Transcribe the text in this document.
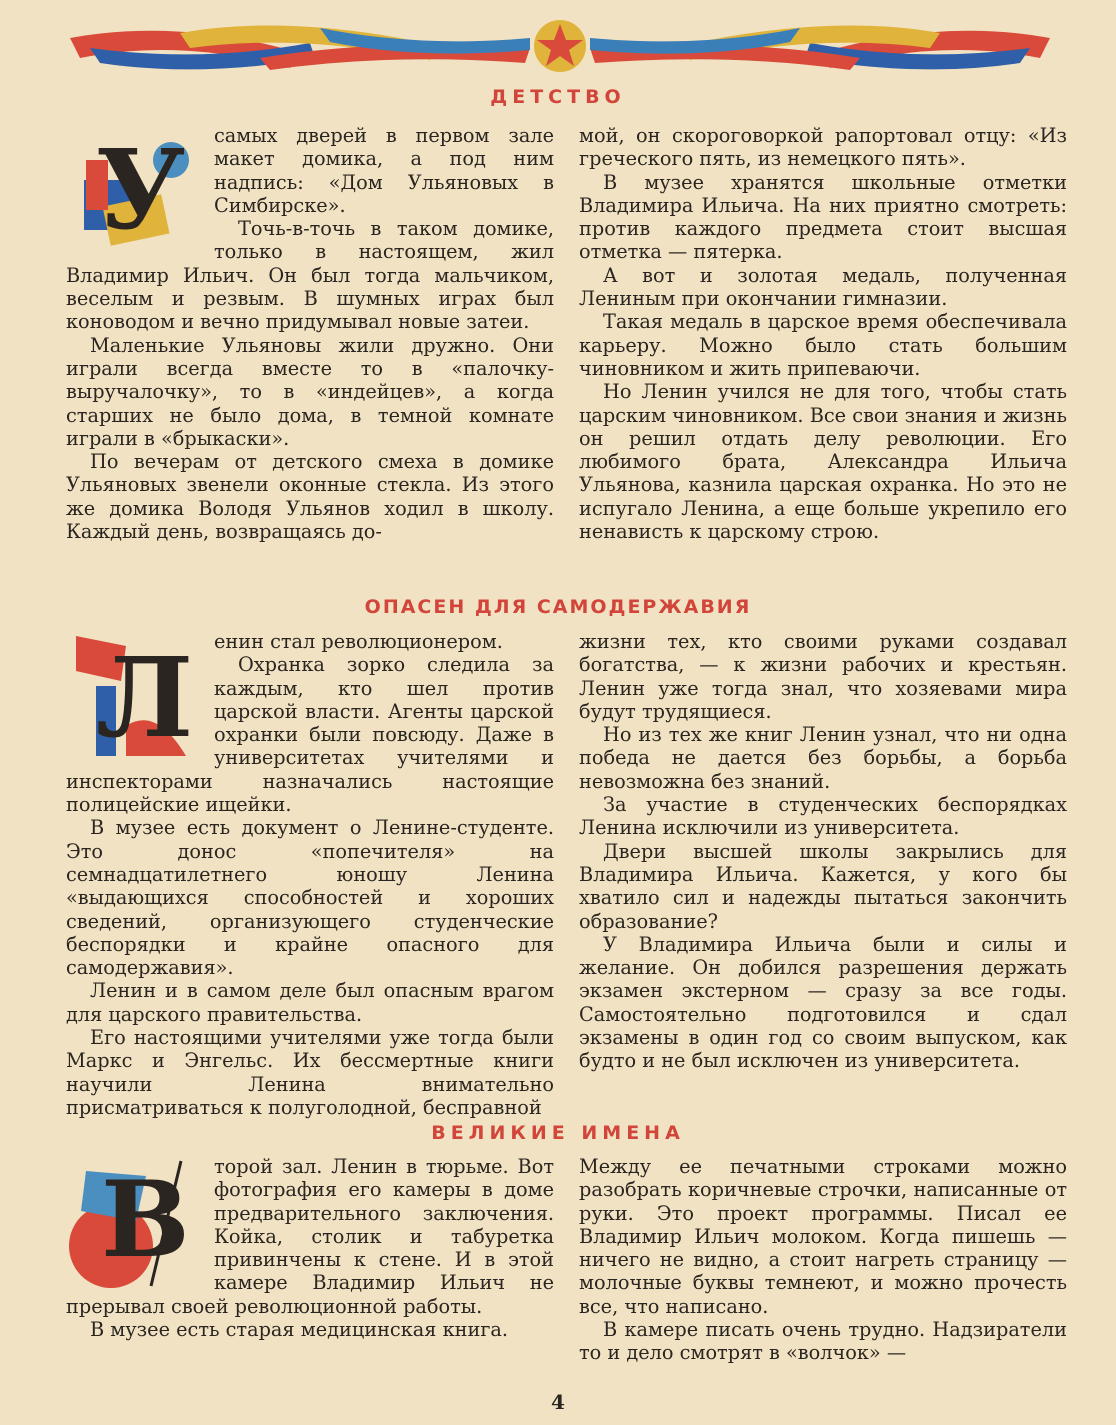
ДЕТСТВО
У	самых дверей в первом зале макет домика, а под ним надпись: «Дом Ульяновых в Симбирске».

Точь-в-точь в таком домике, только в настоящем, жил Владимир Ильич. Он был тогда мальчиком, веселым и резвым. В шумных играх был коноводом и вечно придумывал новые затеи.

Маленькие Ульяновы жили дружно. Они играли всегда вместе то в «палочку-выручалочку», то в «индейцев», а когда старших не было дома, в темной комнате играли в «брыкаски».

По вечерам от детского смеха в домике Ульяновых звенели оконные стекла. Из этого же домика Володя Ульянов ходил в школу. Каждый день, возвращаясь до-

мой, он скороговоркой рапортовал отцу: «Из греческого пять, из немецкого пять».

В музее хранятся школьные отметки Владимира Ильича. На них приятно смотреть: против каждого предмета стоит высшая отметка — пятерка.

А вот и золотая медаль, полученная Лениным при окончании гимназии.

Такая медаль в царское время обеспечивала карьеру. Можно было стать большим чиновником и жить припеваючи.

Но Ленин учился не для того, чтобы стать царским чиновником. Все свои знания и жизнь он решил отдать делу революции. Его любимого брата, Александра Ильича Ульянова, казнила царская охранка. Но это не испугало Ленина, а еще больше укрепило его ненависть к царскому строю.

ОПАСЕН ДЛЯ САМОДЕРЖАВИЯ
Л	енин стал революционером.

Охранка зорко следила за каждым, кто шел против царской власти. Агенты царской охранки были повсюду. Даже в университетах учителями и инспекторами назначались настоящие полицейские ищейки.

В музее есть документ о Ленине-студенте. Это донос «попечителя» на семнадцатилетнего юношу Ленина «выдающихся способностей и хороших сведений, организующего студенческие беспорядки и крайне опасного для самодержавия».

Ленин и в самом деле был опасным врагом для царского правительства.

Его настоящими учителями уже тогда были Маркс и Энгельс. Их бессмертные книги научили Ленина внимательно присматриваться к полуголодной, бесправной

жизни тех, кто своими руками создавал богатства, — к жизни рабочих и крестьян. Ленин уже тогда знал, что хозяевами мира будут трудящиеся.

Но из тех же книг Ленин узнал, что ни одна победа не дается без борьбы, а борьба невозможна без знаний.

За участие в студенческих беспорядках Ленина исключили из университета.

Двери высшей школы закрылись для Владимира Ильича. Кажется, у кого бы хватило сил и надежды пытаться закончить образование?

У Владимира Ильича были и силы и желание. Он добился разрешения держать экзамен экстерном — сразу за все годы. Самостоятельно подготовился и сдал экзамены в один год со своим выпуском, как будто и не был исключен из университета.

ВЕЛИКИЕ ИМЕНА
В	торой зал. Ленин в тюрьме. Вот фотография его камеры в доме предварительного заключения. Койка, столик и табуретка привинчены к стене. И в этой камере Владимир Ильич не прерывал своей революционной работы.

В музее есть старая медицинская книга.

Между ее печатными строками можно разобрать коричневые строчки, написанные от руки. Это проект программы. Писал ее Владимир Ильич молоком. Когда пишешь — ничего не видно, а стоит нагреть страницу — молочные буквы темнеют, и можно прочесть все, что написано.

В камере писать очень трудно. Надзиратели то и дело смотрят в «волчок» —

4
